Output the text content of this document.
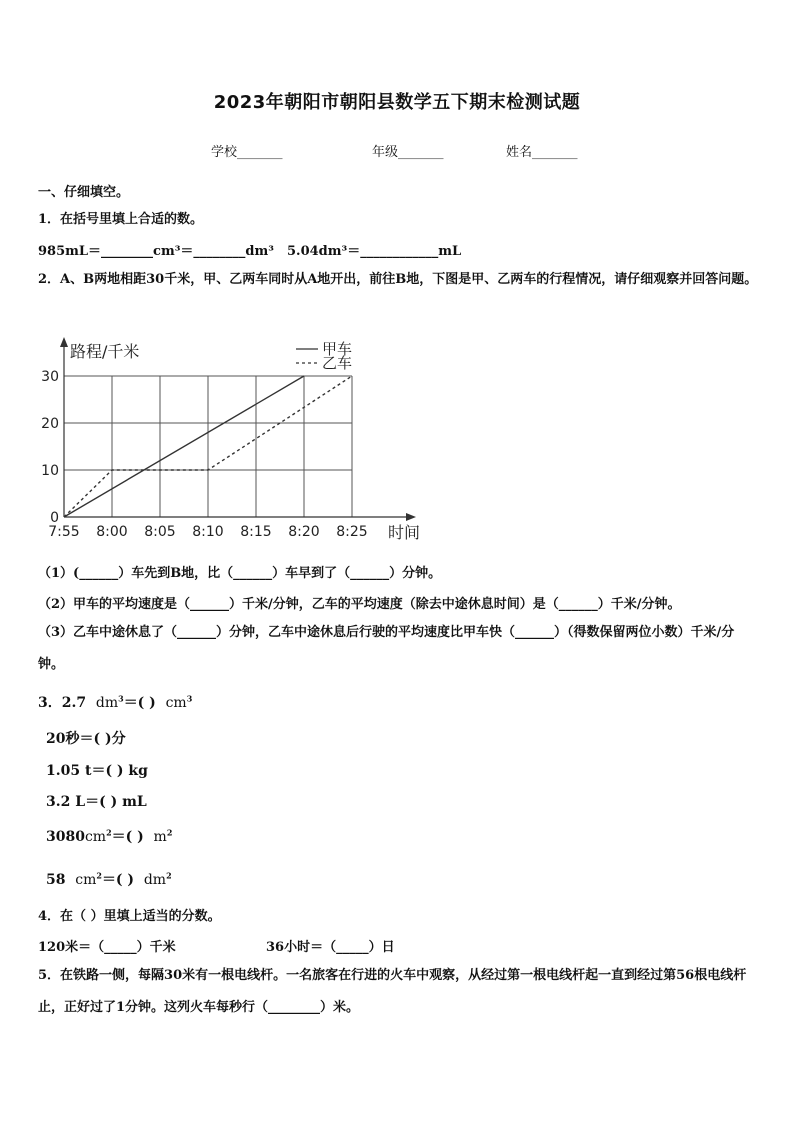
2023年朝阳市朝阳县数学五下期末检测试题
学校_______	年级_______	姓名_______
一、仔细填空。
1．在括号里填上合适的数。
985mL＝________cm³＝________dm³ 5.04dm³＝____________mL
2．A、B两地相距30千米，甲、乙两车同时从A地开出，前往B地，下图是甲、乙两车的行程情况，请仔细观察并回答问题。
0
10
20
30
7:55 8:00 8:05 8:10 8:15 8:20 8:25
路程/千米
时间
甲车
乙车
（1）(______）车先到B地，比（______）车早到了（______）分钟。
（2）甲车的平均速度是（______）千米/分钟，乙车的平均速度（除去中途休息时间）是（______）千米/分钟。
（3）乙车中途休息了（______）分钟，乙车中途休息后行驶的平均速度比甲车快（______）（得数保留两位小数）千米/分钟。
3．2.7 $dm^3=$( ) $cm^3$
20秒＝( )分
1.05 t＝( ) kg
3.2 L＝( ) mL
$3080cm^2=$( ) $m^2$
58 $cm^2=$( ) $dm^2$
4．在（ ）里填上适当的分数。
120米＝（_____）千米	36小时＝（_____）日
5．在铁路一侧，每隔30米有一根电线杆。一名旅客在行进的火车中观察，从经过第一根电线杆起一直到经过第56根电线杆止，正好过了1分钟。这列火车每秒行（________）米。
